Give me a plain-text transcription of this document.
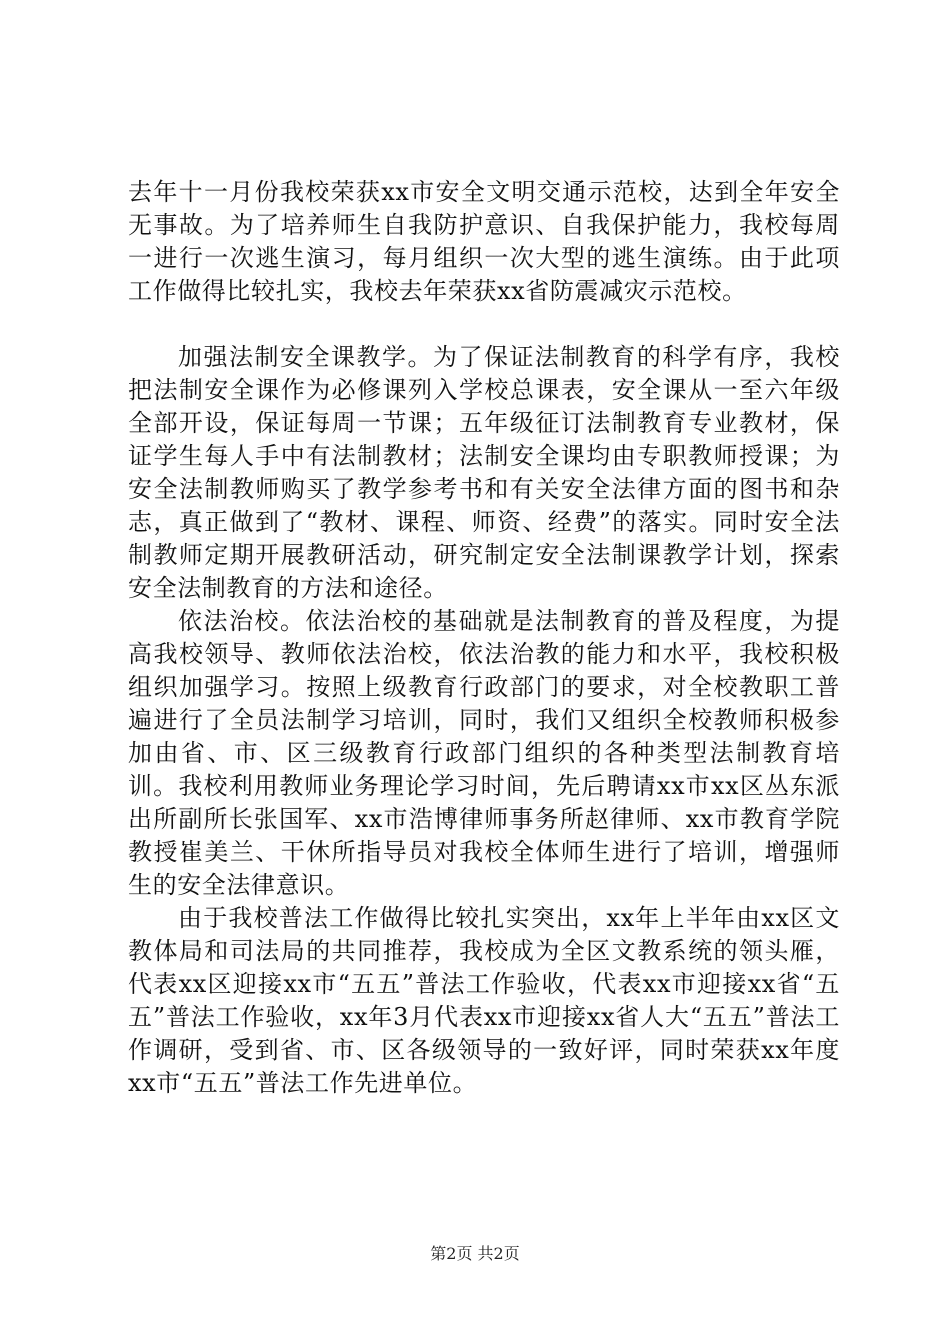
去年十一月份我校荣获xx市安全文明交通示范校，达到全年安全无事故。为了培养师生自我防护意识、自我保护能力，我校每周一进行一次逃生演习，每月组织一次大型的逃生演练。由于此项工作做得比较扎实，我校去年荣获xx省防震减灾示范校。

加强法制安全课教学。为了保证法制教育的科学有序，我校把法制安全课作为必修课列入学校总课表，安全课从一至六年级全部开设，保证每周一节课；五年级征订法制教育专业教材，保证学生每人手中有法制教材；法制安全课均由专职教师授课；为安全法制教师购买了教学参考书和有关安全法律方面的图书和杂志，真正做到了“教材、课程、师资、经费”的落实。同时安全法制教师定期开展教研活动，研究制定安全法制课教学计划，探索安全法制教育的方法和途径。

依法治校。依法治校的基础就是法制教育的普及程度，为提高我校领导、教师依法治校，依法治教的能力和水平，我校积极组织加强学习。按照上级教育行政部门的要求，对全校教职工普遍进行了全员法制学习培训，同时，我们又组织全校教师积极参加由省、市、区三级教育行政部门组织的各种类型法制教育培训。我校利用教师业务理论学习时间，先后聘请xx市xx区丛东派出所副所长张国军、xx市浩博律师事务所赵律师、xx市教育学院教授崔美兰、干休所指导员对我校全体师生进行了培训，增强师生的安全法律意识。

由于我校普法工作做得比较扎实突出，xx年上半年由xx区文教体局和司法局的共同推荐，我校成为全区文教系统的领头雁，代表xx区迎接xx市“五五”普法工作验收，代表xx市迎接xx省“五五”普法工作验收，xx年3月代表xx市迎接xx省人大“五五”普法工作调研，受到省、市、区各级领导的一致好评，同时荣获xx年度xx市“五五”普法工作先进单位。

第2页 共2页
